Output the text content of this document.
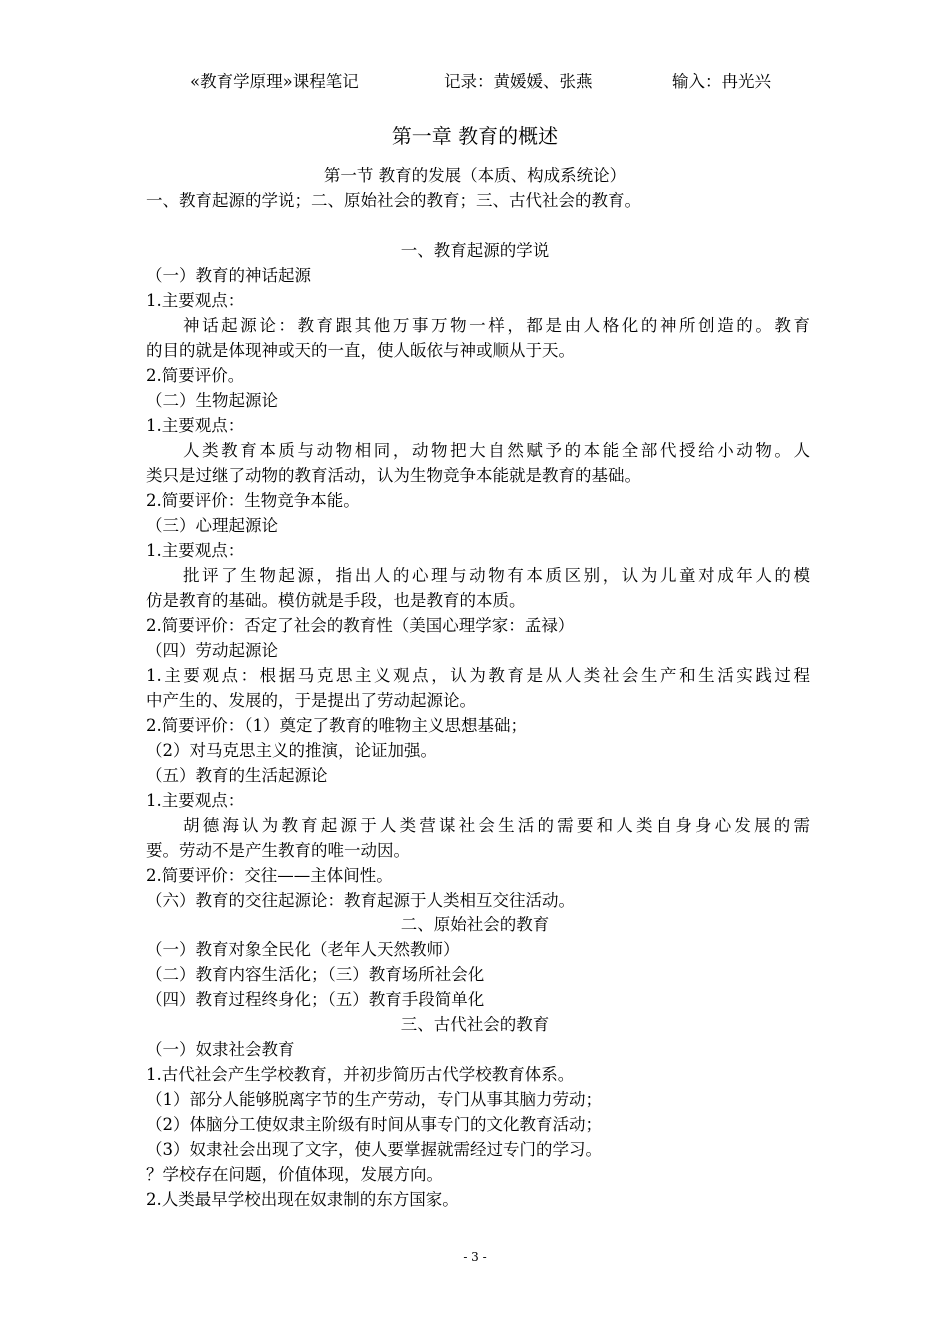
«教育学原理»课程笔记	记录：黄媛媛、张燕	输入：冉光兴
第一章 教育的概述
第一节 教育的发展（本质、构成系统论）
一、教育起源的学说；二、原始社会的教育；三、古代社会的教育。
一、教育起源的学说
（一）教育的神话起源
1.主要观点：
神话起源论：教育跟其他万事万物一样，都是由人格化的神所创造的。教育
的目的就是体现神或天的一直，使人皈依与神或顺从于天。
2.简要评价。
（二）生物起源论
1.主要观点：
人类教育本质与动物相同，动物把大自然赋予的本能全部代授给小动物。人
类只是过继了动物的教育活动，认为生物竞争本能就是教育的基础。
2.简要评价：生物竞争本能。
（三）心理起源论
1.主要观点：
批评了生物起源，指出人的心理与动物有本质区别，认为儿童对成年人的模
仿是教育的基础。模仿就是手段，也是教育的本质。
2.简要评价：否定了社会的教育性（美国心理学家：孟禄）
（四）劳动起源论
1.主要观点：根据马克思主义观点，认为教育是从人类社会生产和生活实践过程
中产生的、发展的，于是提出了劳动起源论。
2.简要评价：（1）奠定了教育的唯物主义思想基础；
（2）对马克思主义的推演，论证加强。
（五）教育的生活起源论
1.主要观点：
胡德海认为教育起源于人类营谋社会生活的需要和人类自身身心发展的需
要。劳动不是产生教育的唯一动因。
2.简要评价：交往——主体间性。
（六）教育的交往起源论：教育起源于人类相互交往活动。
二、原始社会的教育
（一）教育对象全民化（老年人天然教师）
（二）教育内容生活化；（三）教育场所社会化
（四）教育过程终身化；（五）教育手段简单化
三、古代社会的教育
（一）奴隶社会教育
1.古代社会产生学校教育，并初步简历古代学校教育体系。
（1）部分人能够脱离字节的生产劳动，专门从事其脑力劳动；
（2）体脑分工使奴隶主阶级有时间从事专门的文化教育活动；
（3）奴隶社会出现了文字，使人要掌握就需经过专门的学习。
？学校存在问题，价值体现，发展方向。
2.人类最早学校出现在奴隶制的东方国家。
- 3 -
